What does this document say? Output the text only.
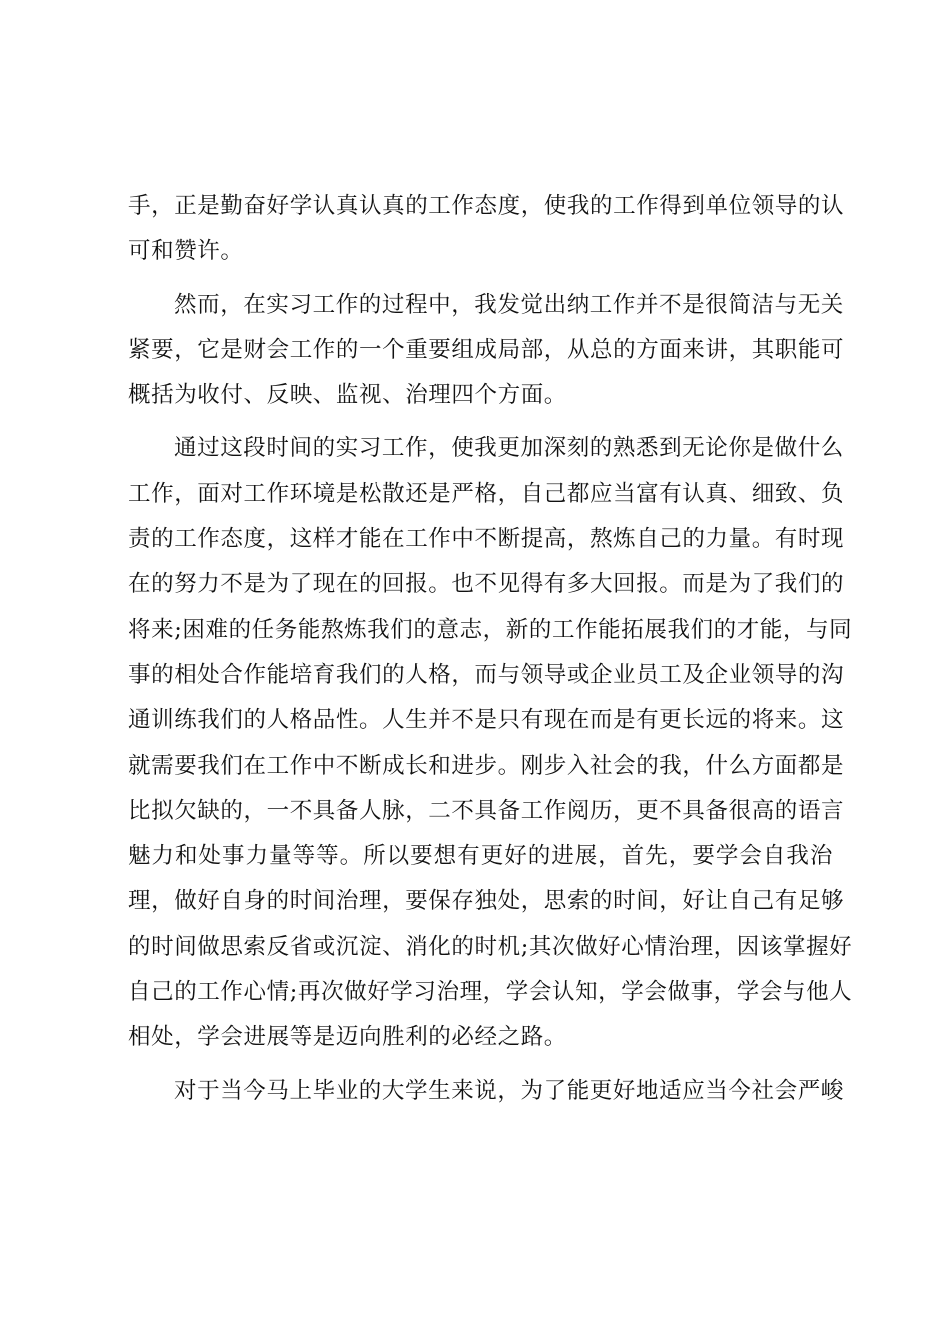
手，正是勤奋好学认真认真的工作态度，使我的工作得到单位领导的认
可和赞许。
然而，在实习工作的过程中，我发觉出纳工作并不是很简洁与无关
紧要，它是财会工作的一个重要组成局部，从总的方面来讲，其职能可
概括为收付、反映、监视、治理四个方面。
通过这段时间的实习工作，使我更加深刻的熟悉到无论你是做什么
工作，面对工作环境是松散还是严格，自己都应当富有认真、细致、负
责的工作态度，这样才能在工作中不断提高，熬炼自己的力量。有时现
在的努力不是为了现在的回报。也不见得有多大回报。而是为了我们的
将来;困难的任务能熬炼我们的意志，新的工作能拓展我们的才能，与同
事的相处合作能培育我们的人格，而与领导或企业员工及企业领导的沟
通训练我们的人格品性。人生并不是只有现在而是有更长远的将来。这
就需要我们在工作中不断成长和进步。刚步入社会的我，什么方面都是
比拟欠缺的，一不具备人脉，二不具备工作阅历，更不具备很高的语言
魅力和处事力量等等。所以要想有更好的进展，首先，要学会自我治
理，做好自身的时间治理，要保存独处，思索的时间，好让自己有足够
的时间做思索反省或沉淀、消化的时机;其次做好心情治理，因该掌握好
自己的工作心情;再次做好学习治理，学会认知，学会做事，学会与他人
相处，学会进展等是迈向胜利的必经之路。
对于当今马上毕业的大学生来说，为了能更好地适应当今社会严峻
